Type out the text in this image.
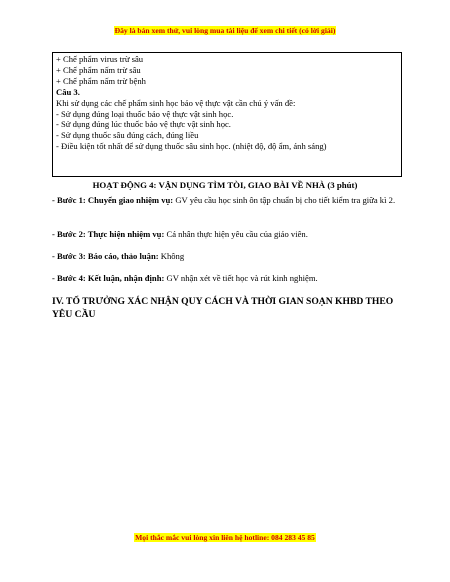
Đây là bản xem thử, vui lòng mua tài liệu để xem chi tiết (có lời giải)
+ Chế phẩm virus trừ sâu
+ Chế phẩm nấm trừ sâu
+ Chế phẩm nấm trừ bệnh
Câu 3.
Khi sử dụng các chế phẩm sinh học bảo vệ thực vật cần chú ý vấn đề:
- Sử dụng đúng loại thuốc bảo vệ thực vật sinh học.
- Sử dụng đúng lúc thuốc bảo vệ thực vật sinh học.
- Sử dụng thuốc sâu đúng cách, đúng liều
- Điều kiện tốt nhất để sử dụng thuốc sâu sinh học. (nhiệt độ, độ ẩm, ánh sáng)
HOẠT ĐỘNG 4: VẬN DỤNG TÌM TÒI, GIAO BÀI VỀ NHÀ (3 phút)
- Bước 1: Chuyển giao nhiệm vụ: GV yêu cầu học sinh ôn tập chuẩn bị cho tiết kiểm tra giữa kì 2.
- Bước 2: Thực hiện nhiệm vụ: Cá nhân thực hiện yêu cầu của giáo viên.
- Bước 3: Báo cáo, thảo luận: Không
- Bước 4: Kết luận, nhận định: GV nhận xét về tiết học và rút kinh nghiệm.
IV. TỔ TRƯỞNG XÁC NHẬN QUY CÁCH VÀ THỜI GIAN SOẠN KHBD THEO YÊU CẦU
Mọi thắc mắc vui lòng xin liên hệ hotline: 084 283 45 85
